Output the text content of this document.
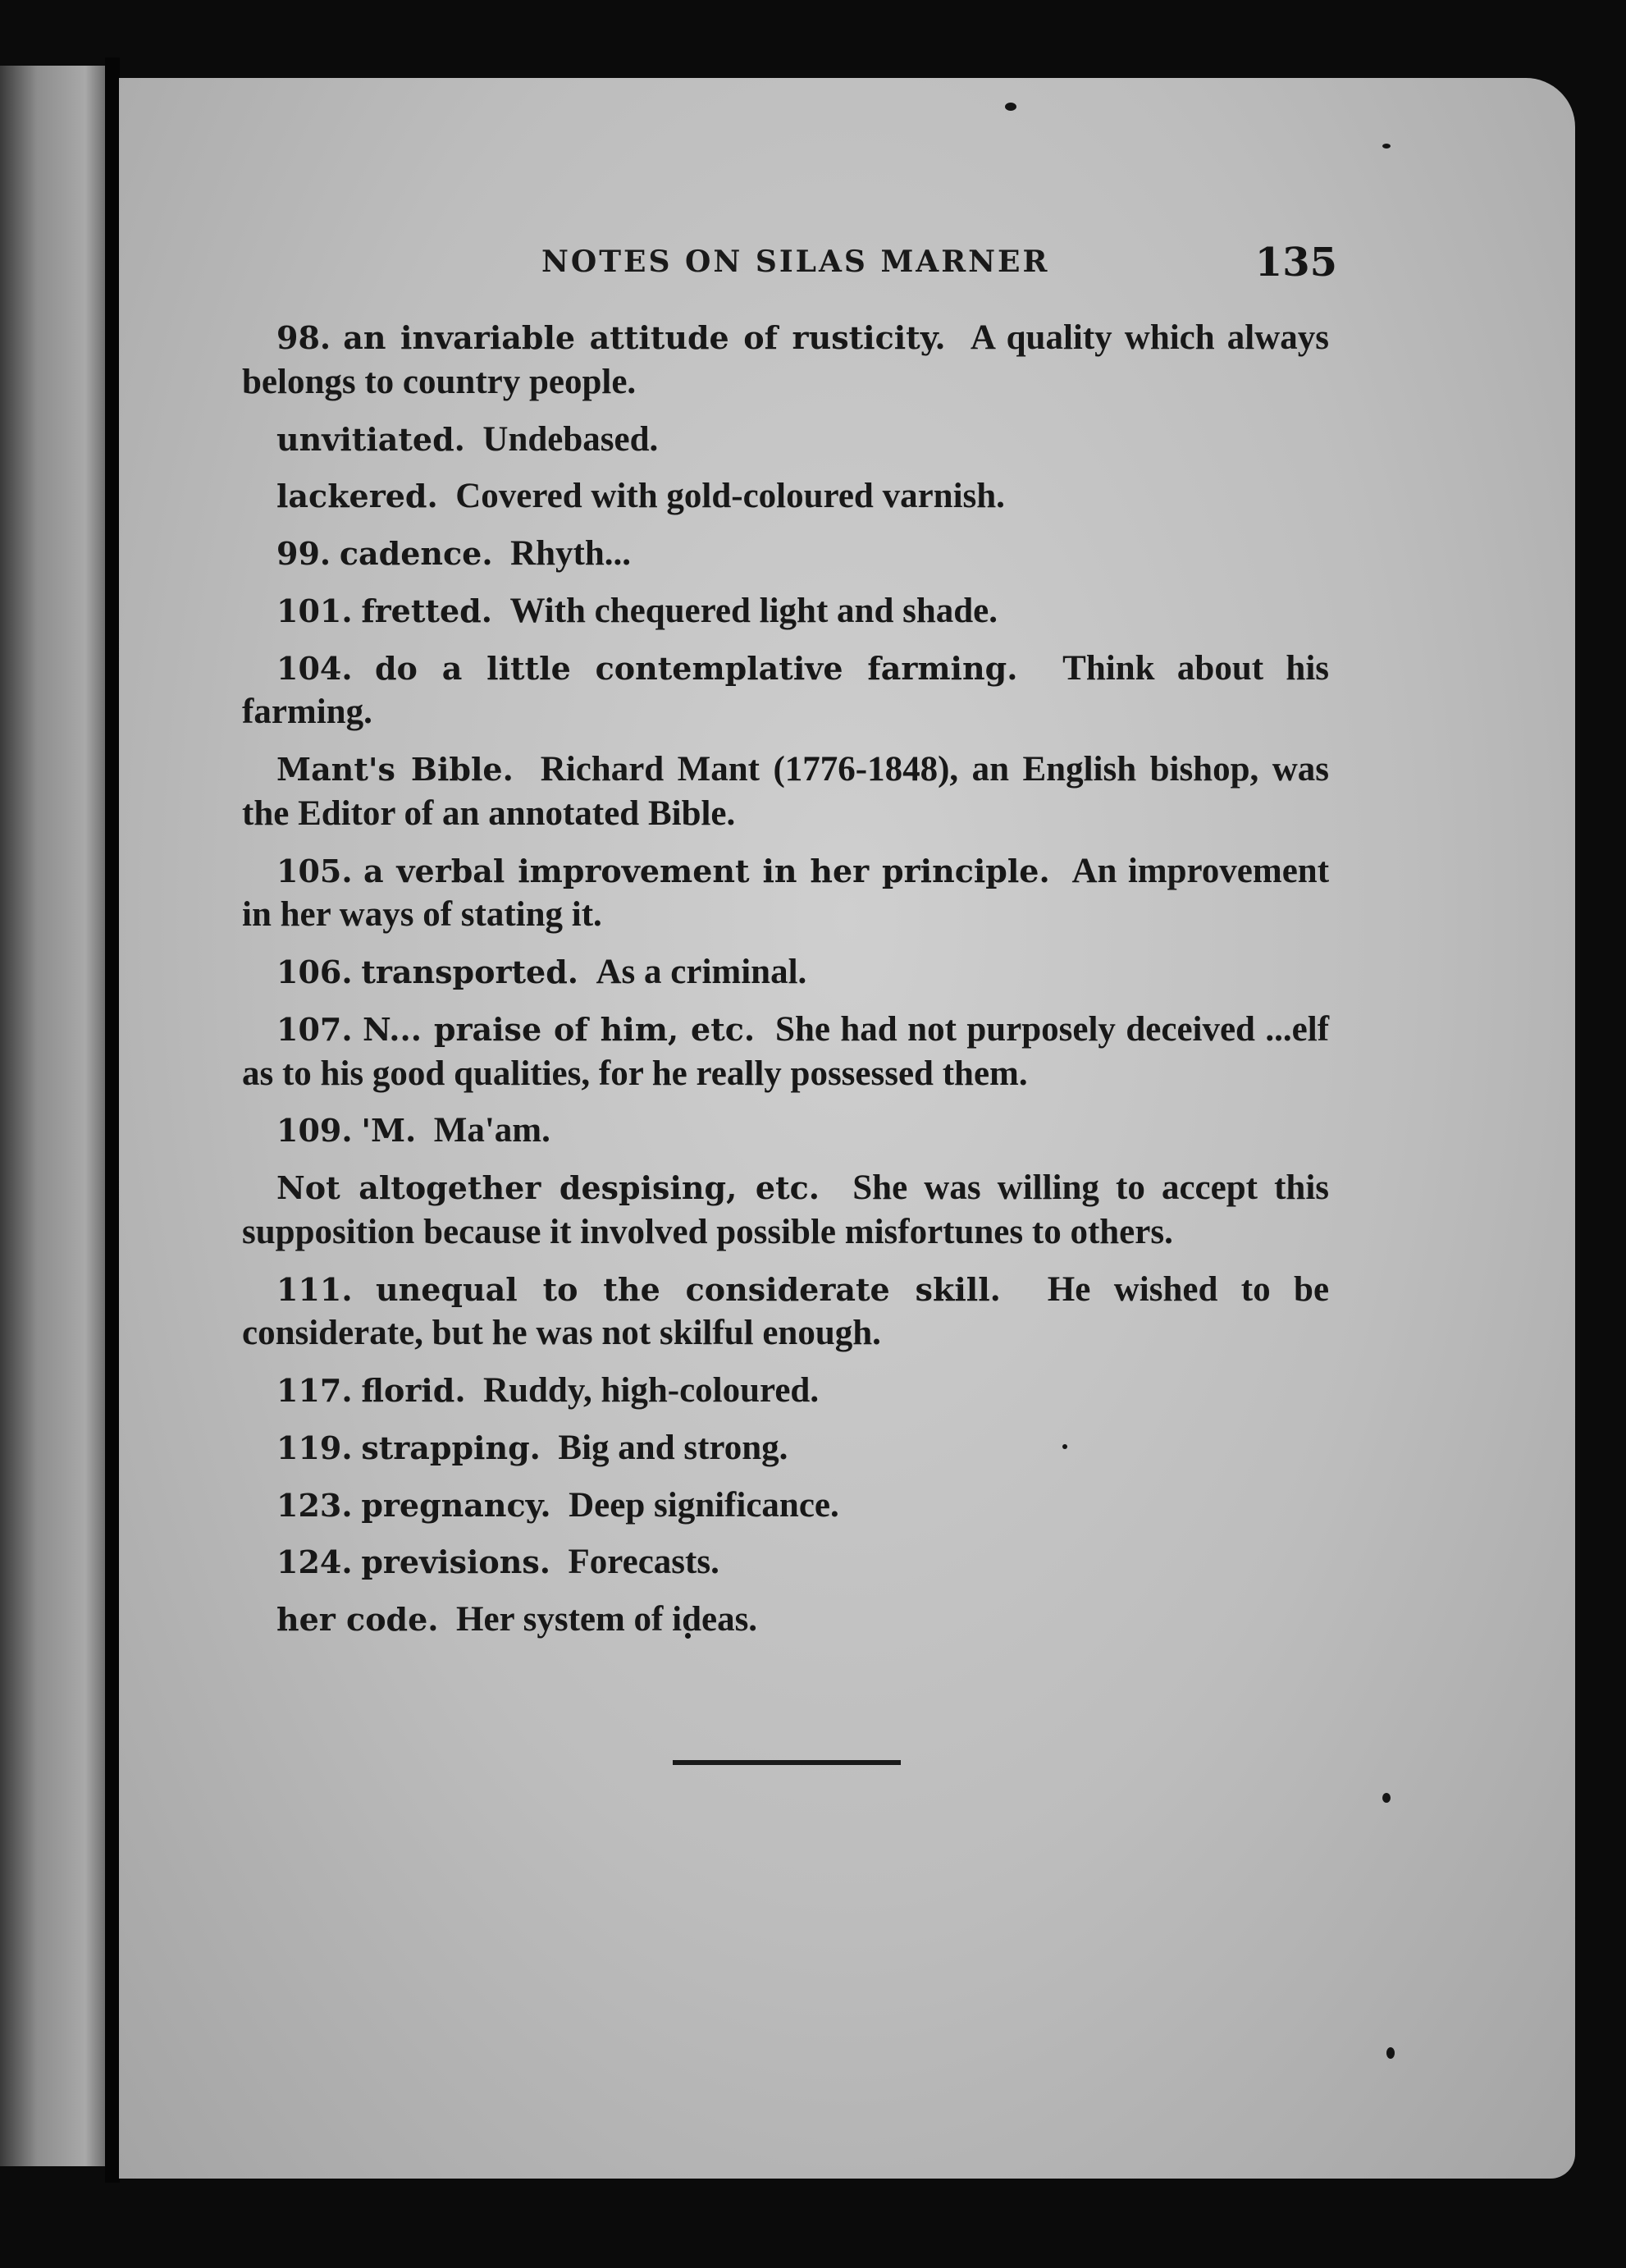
NOTES ON SILAS MARNER	135

98. an invariable attitude of rusticity. A quality which always belongs to country people.

unvitiated. Undebased.

lackered. Covered with gold-coloured varnish.

99. cadence. Rhyth...

101. fretted. With chequered light and shade.

104. do a little contemplative farming. Think about his farming.

Mant's Bible. Richard Mant (1776-1848), an English bishop, was the Editor of an annotated Bible.

105. a verbal improvement in her principle. An improvement in her ways of stating it.

106. transported. As a criminal.

107. N... praise of him, etc. She had not purposely deceived ...elf as to his good qualities, for he really possessed them.

109. 'M. Ma'am.

Not altogether despising, etc. She was willing to accept this supposition because it involved possible misfortunes to others.

111. unequal to the considerate skill. He wished to be considerate, but he was not skilful enough.

117. florid. Ruddy, high-coloured.

119. strapping. Big and strong.

123. pregnancy. Deep significance.

124. previsions. Forecasts.

her code. Her system of ideas.
